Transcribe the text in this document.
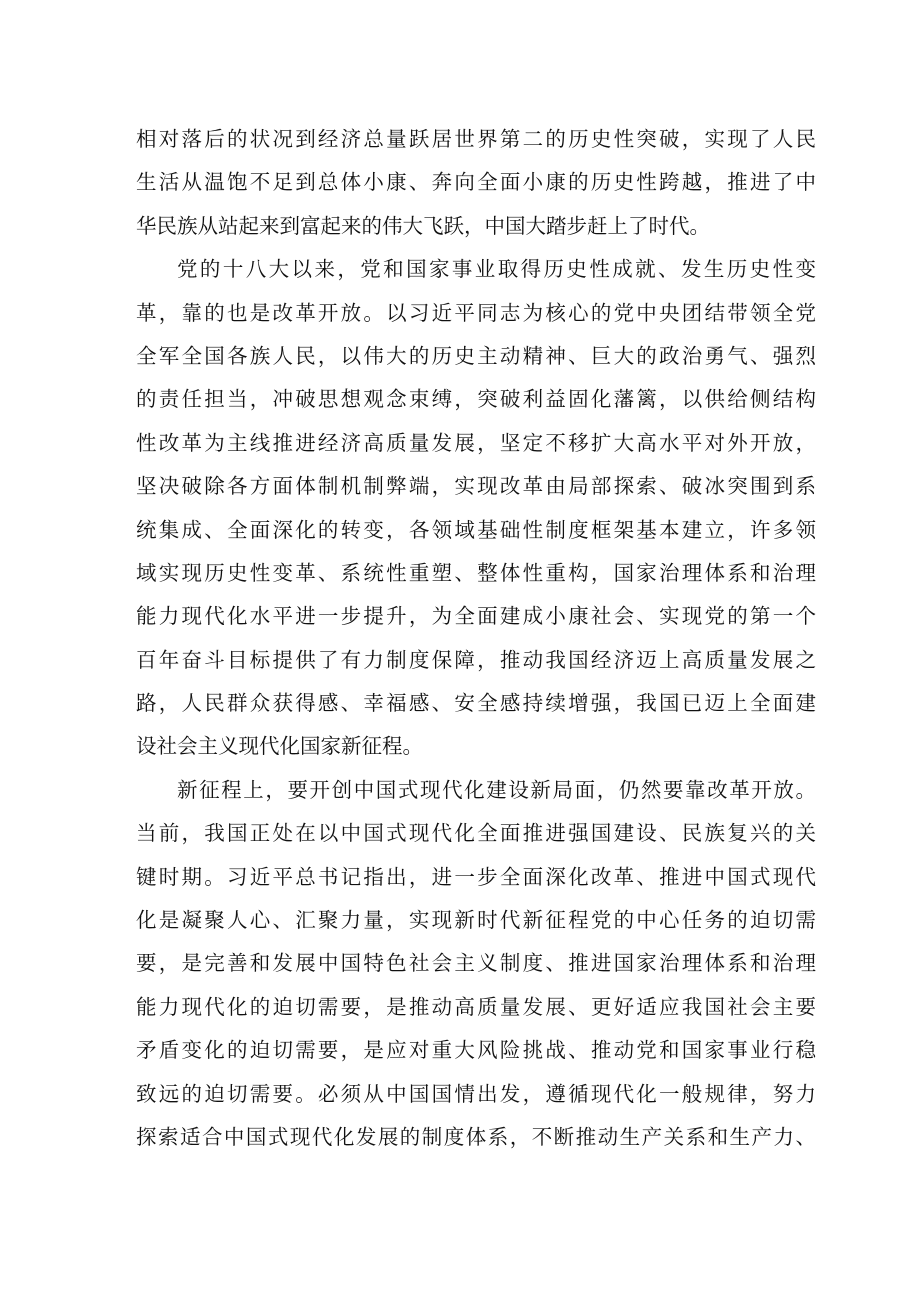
相对落后的状况到经济总量跃居世界第二的历史性突破，实现了人民
生活从温饱不足到总体小康、奔向全面小康的历史性跨越，推进了中
华民族从站起来到富起来的伟大飞跃，中国大踏步赶上了时代。
党的十八大以来，党和国家事业取得历史性成就、发生历史性变
革，靠的也是改革开放。以习近平同志为核心的党中央团结带领全党
全军全国各族人民，以伟大的历史主动精神、巨大的政治勇气、强烈
的责任担当，冲破思想观念束缚，突破利益固化藩篱，以供给侧结构
性改革为主线推进经济高质量发展，坚定不移扩大高水平对外开放，
坚决破除各方面体制机制弊端，实现改革由局部探索、破冰突围到系
统集成、全面深化的转变，各领域基础性制度框架基本建立，许多领
域实现历史性变革、系统性重塑、整体性重构，国家治理体系和治理
能力现代化水平进一步提升，为全面建成小康社会、实现党的第一个
百年奋斗目标提供了有力制度保障，推动我国经济迈上高质量发展之
路，人民群众获得感、幸福感、安全感持续增强，我国已迈上全面建
设社会主义现代化国家新征程。
新征程上，要开创中国式现代化建设新局面，仍然要靠改革开放。
当前，我国正处在以中国式现代化全面推进强国建设、民族复兴的关
键时期。习近平总书记指出，进一步全面深化改革、推进中国式现代
化是凝聚人心、汇聚力量，实现新时代新征程党的中心任务的迫切需
要，是完善和发展中国特色社会主义制度、推进国家治理体系和治理
能力现代化的迫切需要，是推动高质量发展、更好适应我国社会主要
矛盾变化的迫切需要，是应对重大风险挑战、推动党和国家事业行稳
致远的迫切需要。必须从中国国情出发，遵循现代化一般规律，努力
探索适合中国式现代化发展的制度体系，不断推动生产关系和生产力、
